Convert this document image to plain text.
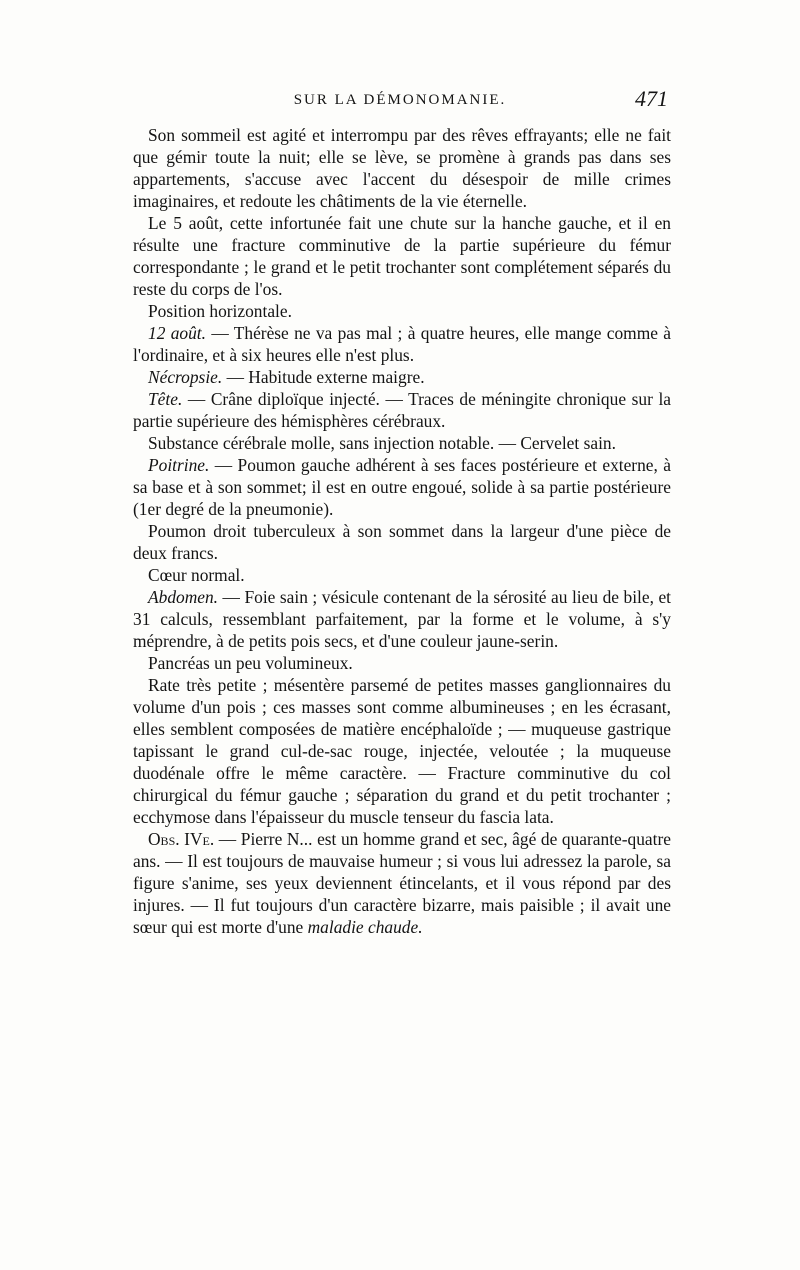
SUR LA DÉMONOMANIE.	471

Son sommeil est agité et interrompu par des rêves effrayants; elle ne fait que gémir toute la nuit; elle se lève, se promène à grands pas dans ses appartements, s'accuse avec l'accent du désespoir de mille crimes imaginaires, et redoute les châtiments de la vie éternelle.

Le 5 août, cette infortunée fait une chute sur la hanche gauche, et il en résulte une fracture comminutive de la partie supérieure du fémur correspondante ; le grand et le petit trochanter sont complétement séparés du reste du corps de l'os.

Position horizontale.

12 août. — Thérèse ne va pas mal ; à quatre heures, elle mange comme à l'ordinaire, et à six heures elle n'est plus.

Nécropsie. — Habitude externe maigre.

Tête. — Crâne diploïque injecté. — Traces de méningite chronique sur la partie supérieure des hémisphères cérébraux.

Substance cérébrale molle, sans injection notable. — Cervelet sain.

Poitrine. — Poumon gauche adhérent à ses faces postérieure et externe, à sa base et à son sommet; il est en outre engoué, solide à sa partie postérieure (1er degré de la pneumonie).

Poumon droit tuberculeux à son sommet dans la largeur d'une pièce de deux francs.

Cœur normal.

Abdomen. — Foie sain ; vésicule contenant de la sérosité au lieu de bile, et 31 calculs, ressemblant parfaitement, par la forme et le volume, à s'y méprendre, à de petits pois secs, et d'une couleur jaune-serin.

Pancréas un peu volumineux.

Rate très petite ; mésentère parsemé de petites masses ganglionnaires du volume d'un pois ; ces masses sont comme albumineuses ; en les écrasant, elles semblent composées de matière encéphaloïde ; — muqueuse gastrique tapissant le grand cul-de-sac rouge, injectée, veloutée ; la muqueuse duodénale offre le même caractère. — Fracture comminutive du col chirurgical du fémur gauche ; séparation du grand et du petit trochanter ; ecchymose dans l'épaisseur du muscle tenseur du fascia lata.

Obs. IVe. — Pierre N... est un homme grand et sec, âgé de quarante-quatre ans. — Il est toujours de mauvaise humeur ; si vous lui adressez la parole, sa figure s'anime, ses yeux deviennent étincelants, et il vous répond par des injures. — Il fut toujours d'un caractère bizarre, mais paisible ; il avait une sœur qui est morte d'une maladie chaude.
